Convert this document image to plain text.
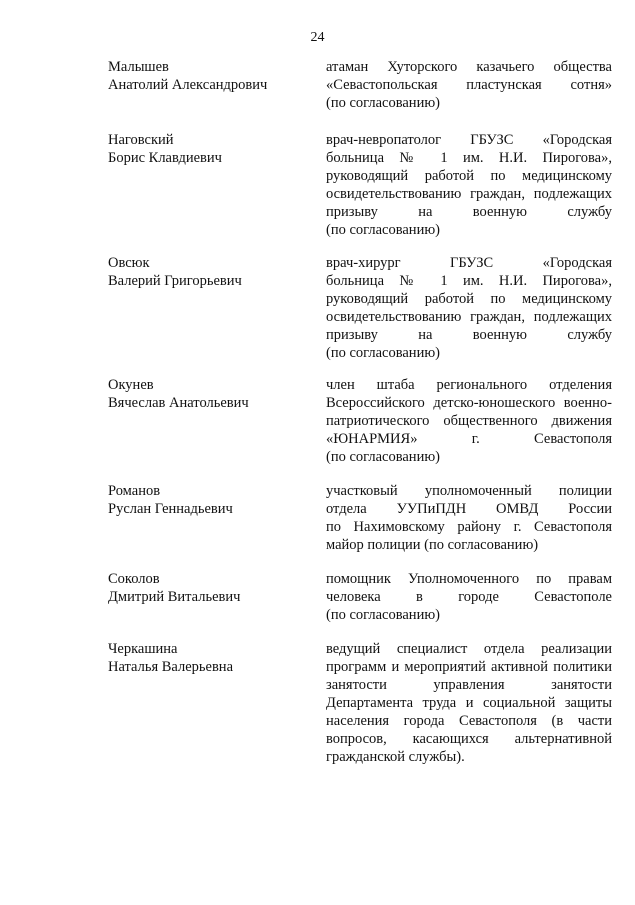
24
Малышев
Анатолий Александрович
атаман Хуторского казачьего общества
«Севастопольская пластунская сотня»
(по согласованию)
Наговский
Борис Клавдиевич
врач-невропатолог ГБУЗС «Городская
больница № 1 им. Н.И. Пирогова»,
руководящий работой по медицинскому
освидетельствованию граждан, подлежащих
призыву на военную службу
(по согласованию)
Овсюк
Валерий Григорьевич
врач-хирург ГБУЗС «Городская
больница № 1 им. Н.И. Пирогова»,
руководящий работой по медицинскому
освидетельствованию граждан, подлежащих
призыву на военную службу
(по согласованию)
Окунев
Вячеслав Анатольевич
член штаба регионального отделения
Всероссийского детско-юношеского военно-
патриотического общественного движения
«ЮНАРМИЯ» г. Севастополя
(по согласованию)
Романов
Руслан Геннадьевич
участковый уполномоченный полиции
отдела УУПиПДН ОМВД России
по Нахимовскому району г. Севастополя
майор полиции (по согласованию)
Соколов
Дмитрий Витальевич
помощник Уполномоченного по правам
человека в городе Севастополе
(по согласованию)
Черкашина
Наталья Валерьевна
ведущий специалист отдела реализации
программ и мероприятий активной политики
занятости управления занятости
Департамента труда и социальной защиты
населения города Севастополя (в части
вопросов, касающихся альтернативной
гражданской службы).
